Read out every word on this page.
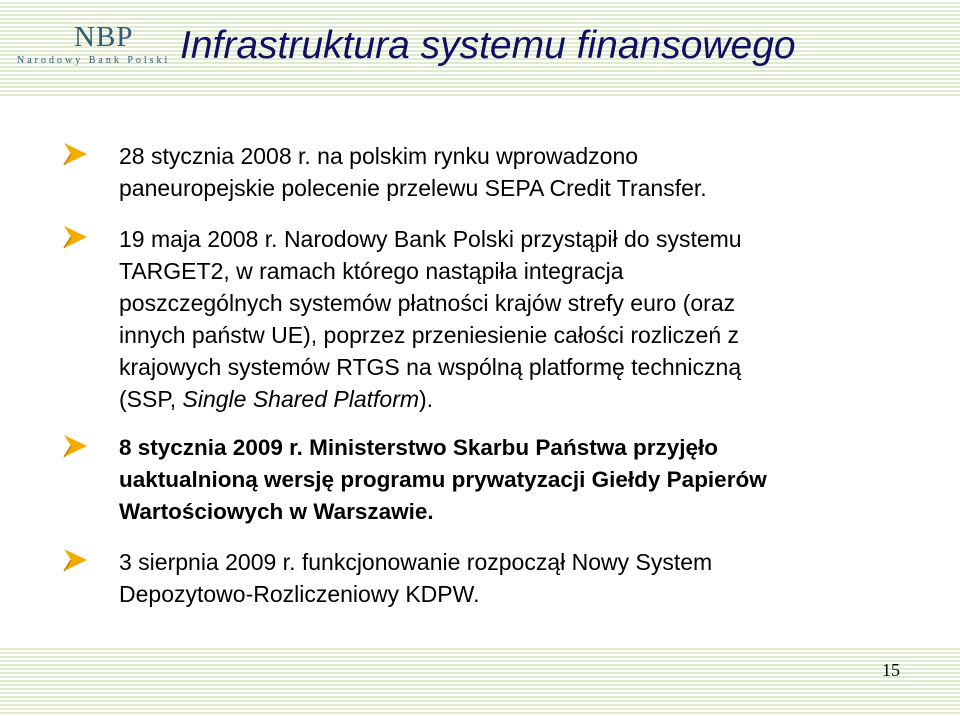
NBP
Narodowy Bank Polski Infrastruktura systemu finansowego
28 stycznia 2008 r. na polskim rynku wprowadzono
paneuropejskie polecenie przelewu SEPA Credit Transfer.
19 maja 2008 r. Narodowy Bank Polski przystąpił do systemu
TARGET2, w ramach którego nastąpiła integracja
poszczególnych systemów płatności krajów strefy euro (oraz
innych państw UE), poprzez przeniesienie całości rozliczeń z
krajowych systemów RTGS na wspólną platformę techniczną
(SSP, Single Shared Platform).
8 stycznia 2009 r. Ministerstwo Skarbu Państwa przyjęło
uaktualnioną wersję programu prywatyzacji Giełdy Papierów
Wartościowych w Warszawie.
3 sierpnia 2009 r. funkcjonowanie rozpoczął Nowy System
Depozytowo-Rozliczeniowy KDPW.
15
